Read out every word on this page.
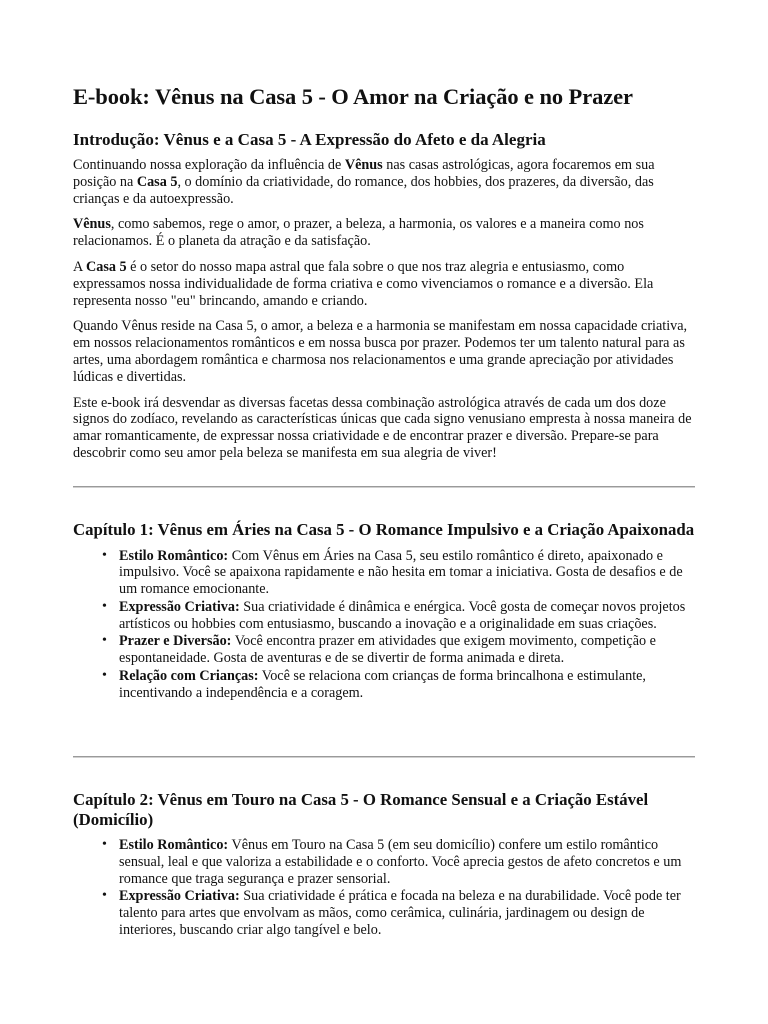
E-book: Vênus na Casa 5 - O Amor na Criação e no Prazer
Introdução: Vênus e a Casa 5 - A Expressão do Afeto e da Alegria

Continuando nossa exploração da influência de Vênus nas casas astrológicas, agora focaremos em sua posição na Casa 5, o domínio da criatividade, do romance, dos hobbies, dos prazeres, da diversão, das crianças e da autoexpressão.

Vênus, como sabemos, rege o amor, o prazer, a beleza, a harmonia, os valores e a maneira como nos relacionamos. É o planeta da atração e da satisfação.

A Casa 5 é o setor do nosso mapa astral que fala sobre o que nos traz alegria e entusiasmo, como expressamos nossa individualidade de forma criativa e como vivenciamos o romance e a diversão. Ela representa nosso "eu" brincando, amando e criando.

Quando Vênus reside na Casa 5, o amor, a beleza e a harmonia se manifestam em nossa capacidade criativa, em nossos relacionamentos românticos e em nossa busca por prazer. Podemos ter um talento natural para as artes, uma abordagem romântica e charmosa nos relacionamentos e uma grande apreciação por atividades lúdicas e divertidas.

Este e-book irá desvendar as diversas facetas dessa combinação astrológica através de cada um dos doze signos do zodíaco, revelando as características únicas que cada signo venusiano empresta à nossa maneira de amar romanticamente, de expressar nossa criatividade e de encontrar prazer e diversão. Prepare-se para descobrir como seu amor pela beleza se manifesta em sua alegria de viver!

Capítulo 1: Vênus em Áries na Casa 5 - O Romance Impulsivo e a Criação Apaixonada
• Estilo Romântico: Com Vênus em Áries na Casa 5, seu estilo romântico é direto, apaixonado e impulsivo. Você se apaixona rapidamente e não hesita em tomar a iniciativa. Gosta de desafios e de um romance emocionante.
• Expressão Criativa: Sua criatividade é dinâmica e enérgica. Você gosta de começar novos projetos artísticos ou hobbies com entusiasmo, buscando a inovação e a originalidade em suas criações.
• Prazer e Diversão: Você encontra prazer em atividades que exigem movimento, competição e espontaneidade. Gosta de aventuras e de se divertir de forma animada e direta.
• Relação com Crianças: Você se relaciona com crianças de forma brincalhona e estimulante, incentivando a independência e a coragem.
Capítulo 2: Vênus em Touro na Casa 5 - O Romance Sensual e a Criação Estável (Domicílio)
• Estilo Romântico: Vênus em Touro na Casa 5 (em seu domicílio) confere um estilo romântico sensual, leal e que valoriza a estabilidade e o conforto. Você aprecia gestos de afeto concretos e um romance que traga segurança e prazer sensorial.
• Expressão Criativa: Sua criatividade é prática e focada na beleza e na durabilidade. Você pode ter talento para artes que envolvam as mãos, como cerâmica, culinária, jardinagem ou design de interiores, buscando criar algo tangível e belo.
